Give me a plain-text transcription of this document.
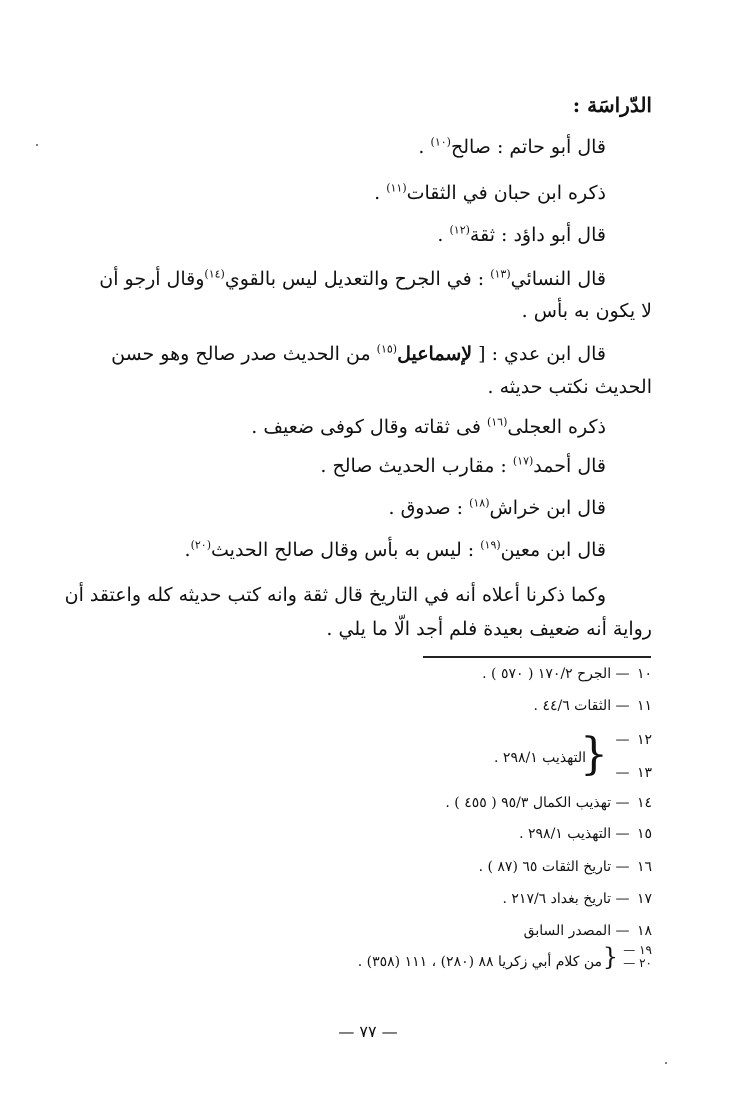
الدّراسَة :
قال أبو حاتم : صالح$^{(١٠)}$ .
ذكره ابن حبان في الثقات$^{(١١)}$ .
قال أبو داؤد : ثقة$^{(١٢)}$ .
قال النسائي$^{(١٣)}$ : في الجرح والتعديل ليس بالقوي$^{(١٤)}$وقال أرجو أن
لا يكون به بأس .
قال ابن عدي : [ لإسماعيل$^{(١٥)}$ من الحديث صدر صالح وهو حسن
الحديث نكتب حديثه .
ذكره العجلى$^{(١٦)}$ فى ثقاته وقال كوفى ضعيف .
قال أحمد$^{(١٧)}$ : مقارب الحديث صالح .
قال ابن خراش$^{(١٨)}$ : صدوق .
قال ابن معين$^{(١٩)}$ : ليس به بأس وقال صالح الحديث$^{(٢٠)}$.
وكما ذكرنا أعلاه أنه في التاريخ قال ثقة وانه كتب حديثه كله واعتقد أن
رواية أنه ضعيف بعيدة فلم أجد الّا ما يلي .
١٠ — الجرح ١٧٠/٢ ( ٥٧٠ ) .
١١ — الثقات ٤٤/٦ .
١٢ —
١٣ —
}
التهذيب ٢٩٨/١ .
١٤ — تهذيب الكمال ٩٥/٣ ( ٤٥٥ ) .
١٥ — التهذيب ٢٩٨/١ .
١٦ — تاريخ الثقات ٦٥ (٨٧ ) .
١٧ — تاريخ بغداد ٢١٧/٦ .
١٨ — المصدر السابق
١٩ —
٢٠ —
}
من كلام أبي زكريا ٨٨ (٢٨٠) ، ١١١ (٣٥٨) .
— ٧٧ —
